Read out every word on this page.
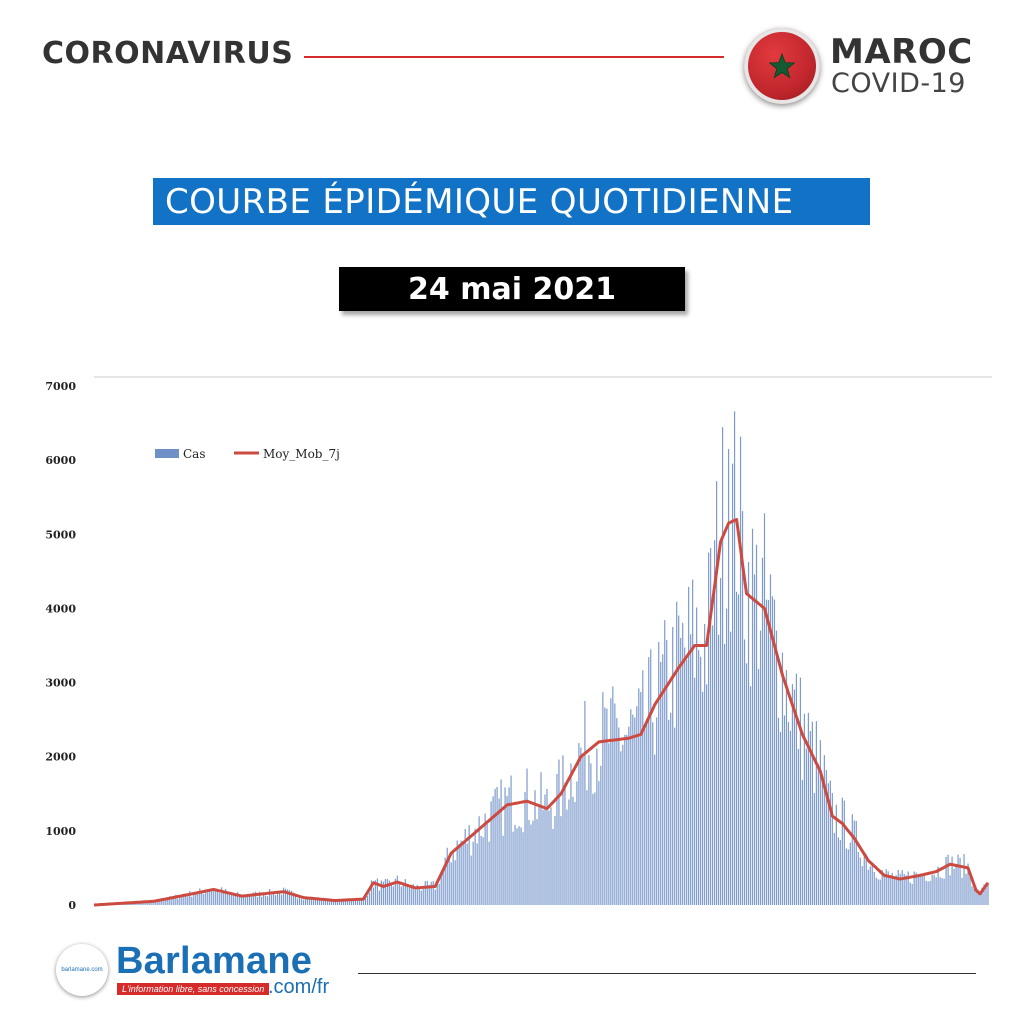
CORONAVIRUS	MAROC
COVID-19
COURBE ÉPIDÉMIQUE QUOTIDIENNE
24 mai 2021
0
1000
2000
3000
4000
5000
6000
7000
Cas	Moy_Mob_7j
barlamane.com Barlamane
L'information libre, sans concession .com/fr
